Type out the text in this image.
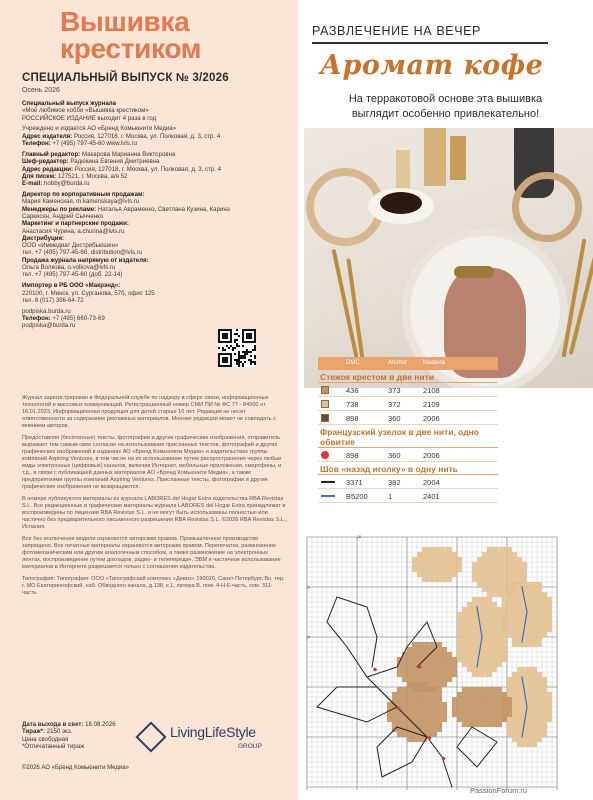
Вышивка
крестиком
СПЕЦИАЛЬНЫЙ ВЫПУСК № 3/2026
Осень 2026
Специальный выпуск журнала
«Моё любимое хобби «Вышивка крестиком»
РОССИЙСКОЕ ИЗДАНИЕ выходит 4 раза в год
Учреждено и издается АО «Бренд Комьюнити Медиа»
Адрес издателя: Россия, 127018, г. Москва, ул. Полковая, д. 3, стр. 4
Телефон: +7 (495) 797-45-60 www.lvls.ru
Главный редактор: Макарова Марианна Викторовна
Шеф-редактор: Радюкина Евгения Дмитриевна
Адрес редакции: Россия, 127018, г. Москва, ул. Полковая, д. 3, стр. 4
Для писем: 127521, г. Москва, а/я 52
E-mail: hobby@burda.ru
Директор по корпоративным продажам:
Мария Каменская, m.kamenskaya@lvls.ru
Менеджеры по рекламе: Наталья Авраменко, Светлана Кузина, Каринэ
Саркисян, Андрей Сычченко
Маркетинг и партнерские продажи:
Анастасия Чурина, a.churina@lvls.ru
Дистрибуция:
ООО «Иммедиат Дистрибьюшен»
тел. +7 (495) 797-45-60, distribution@lvls.ru
Продажа журнала напрямую от издателя:
Ольга Волкова, o.volkova@lvls.ru
тел. +7 (495) 797-45-60 (доб. 22-14)
Импортер в РБ ООО «Макрэнд»:
220100, г. Минск, ул. Сурганова, 57б, офис 125
тел. 8 (017) 396-64-72
podpiska.burda.ru
Телефон: +7 (495) 660-73-69
podpiska@burda.ru

Журнал зарегистрирован в Федеральной службе по надзору в сфере связи, информационных технологий и массовых коммуникаций. Регистрационный номер СМИ ПИ № ФС 77 - 84500 от 16.01.2023. Информационная продукция для детей старше 16 лет. Редакция не несет ответственности за содержание рекламных материалов. Мнение редакции может не совпадать с мнением авторов.

Предоставляя (бесплатные) тексты, фотографии и другие графические изображения, отправитель выражает тем самым свое согласие на использование присланных текстов, фотографий и других графических изображений в изданиях АО «Бренд Комьюнити Медиа» и издательствах группы компаний Aspiring Ventures, в том числе на их использование путем распространения через любые виды электронных (цифровых) каналов, включая Интернет, мобильные приложения, смартфоны, и т.д., в связи с публикацией данных материалов АО «Бренд Комьюнити Медиа», а также предприятиями группы компаний Aspiring Ventures. Присланные тексты, фотографии и другие графические изображения не возвращаются.

В номере публикуются материалы из журнала LABORES del Hogar Extra издательства RBA Revistas S.L. Все редакционные и графические материалы журнала LABORES del Hogar Extra принадлежат и воспроизведены по лицензии RBA Revistas S.L. и не могут быть использованы полностью или частично без предварительного письменного разрешения RBA Revistas S.L. ©2026 RBA Revistas S.L., Испания.

Все без исключения модели охраняются авторским правом. Промышленное производство запрещено. Все печатные материалы охраняются авторским правом. Перепечатка, размножение фотомеханическим или другим аналогичным способом, а также размножение на электронных лентах, воспроизведение путем докладов, радио- и телепередач, ЭВМ и частичное использование материалов в Интернете разрешается только с соглашения издательства.

Типография: Типография: ООО «Типографский комплекс «Девиз» 190020, Санкт-Петербург, Вн. тер. г. МО Екатерингофский, наб. Обводного канала, д.138, к.1, литера В, пом. 4-Н-6-часть, ком. 311-часть.

Дата выхода в свет: 18.08.2026
Тираж*: 2150 экз.
Цена свободная
*Отпечатанный тираж
©2026 АО «Бренд Комьюнити Медиа»
LivingLifeStyle
GROUP
РАЗВЛЕЧЕНИЕ НА ВЕЧЕР
Аромат кофе
На терракотовой основе эта вышивка
выглядит особенно привлекательно!
DMC	Anchor	Madeira
Стежок крестом в две нити
436	373	2108
738	372	2109
898	360	2006
Французский узелок в две нити, одно обвитие
898	360	2006
Шов «назад иголку» в одну нить
3371	382	2004
B5200	1	2401
10
10
20
PassionForum.ru
